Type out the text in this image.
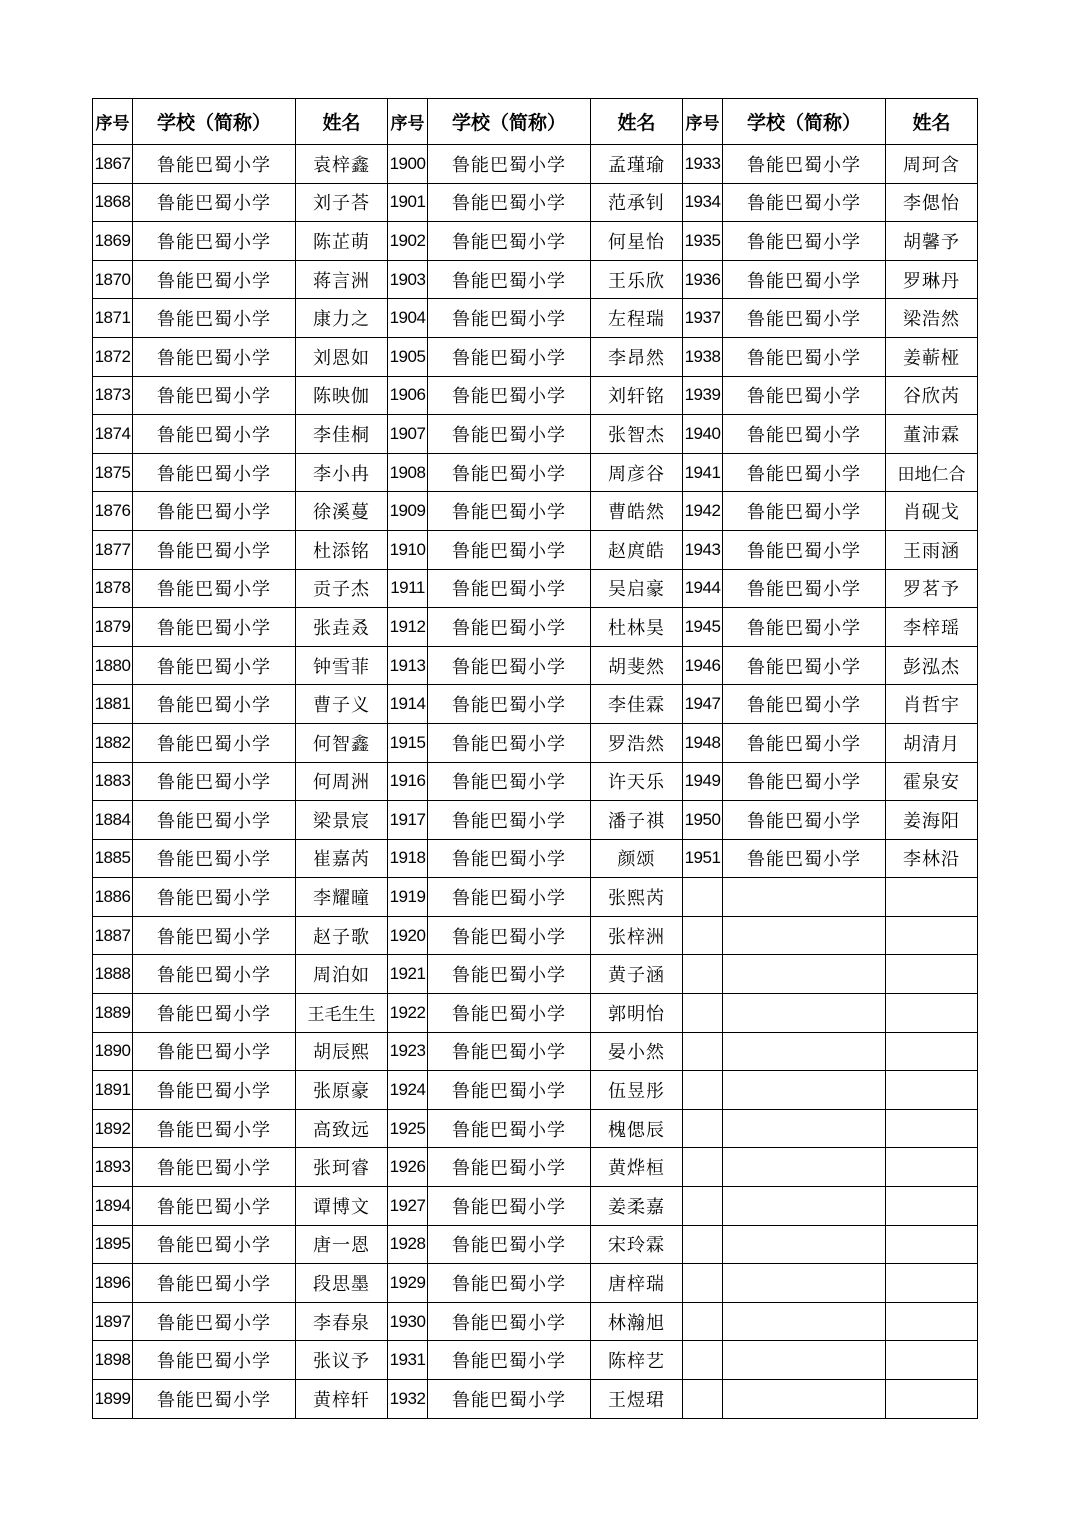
序号	学校（简称）	姓名	序号	学校（简称）	姓名	序号	学校（简称）	姓名
1867	鲁能巴蜀小学	袁梓鑫	1900	鲁能巴蜀小学	孟瑾瑜	1933	鲁能巴蜀小学	周珂含
1868	鲁能巴蜀小学	刘子荅	1901	鲁能巴蜀小学	范承钊	1934	鲁能巴蜀小学	李偲怡
1869	鲁能巴蜀小学	陈芷萌	1902	鲁能巴蜀小学	何星怡	1935	鲁能巴蜀小学	胡馨予
1870	鲁能巴蜀小学	蒋言洲	1903	鲁能巴蜀小学	王乐欣	1936	鲁能巴蜀小学	罗琳丹
1871	鲁能巴蜀小学	康力之	1904	鲁能巴蜀小学	左程瑞	1937	鲁能巴蜀小学	梁浩然
1872	鲁能巴蜀小学	刘恩如	1905	鲁能巴蜀小学	李昂然	1938	鲁能巴蜀小学	姜蕲桠
1873	鲁能巴蜀小学	陈映伽	1906	鲁能巴蜀小学	刘轩铭	1939	鲁能巴蜀小学	谷欣芮
1874	鲁能巴蜀小学	李佳桐	1907	鲁能巴蜀小学	张智杰	1940	鲁能巴蜀小学	董沛霖
1875	鲁能巴蜀小学	李小冉	1908	鲁能巴蜀小学	周彦谷	1941	鲁能巴蜀小学	田地仁合
1876	鲁能巴蜀小学	徐溪蔓	1909	鲁能巴蜀小学	曹皓然	1942	鲁能巴蜀小学	肖砚戈
1877	鲁能巴蜀小学	杜添铭	1910	鲁能巴蜀小学	赵庹皓	1943	鲁能巴蜀小学	王雨涵
1878	鲁能巴蜀小学	贡子杰	1911	鲁能巴蜀小学	吴启豪	1944	鲁能巴蜀小学	罗茗予
1879	鲁能巴蜀小学	张垚叒	1912	鲁能巴蜀小学	杜林昊	1945	鲁能巴蜀小学	李梓瑶
1880	鲁能巴蜀小学	钟雪菲	1913	鲁能巴蜀小学	胡斐然	1946	鲁能巴蜀小学	彭泓杰
1881	鲁能巴蜀小学	曹子义	1914	鲁能巴蜀小学	李佳霖	1947	鲁能巴蜀小学	肖哲宇
1882	鲁能巴蜀小学	何智鑫	1915	鲁能巴蜀小学	罗浩然	1948	鲁能巴蜀小学	胡清月
1883	鲁能巴蜀小学	何周洲	1916	鲁能巴蜀小学	许天乐	1949	鲁能巴蜀小学	霍泉安
1884	鲁能巴蜀小学	梁景宸	1917	鲁能巴蜀小学	潘子祺	1950	鲁能巴蜀小学	姜海阳
1885	鲁能巴蜀小学	崔嘉芮	1918	鲁能巴蜀小学	颜颂	1951	鲁能巴蜀小学	李林沿
1886	鲁能巴蜀小学	李耀曈	1919	鲁能巴蜀小学	张熙芮			
1887	鲁能巴蜀小学	赵子歌	1920	鲁能巴蜀小学	张梓洲			
1888	鲁能巴蜀小学	周泊如	1921	鲁能巴蜀小学	黄子涵			
1889	鲁能巴蜀小学	王毛生生	1922	鲁能巴蜀小学	郭明怡			
1890	鲁能巴蜀小学	胡辰熙	1923	鲁能巴蜀小学	晏小然			
1891	鲁能巴蜀小学	张原豪	1924	鲁能巴蜀小学	伍昱彤			
1892	鲁能巴蜀小学	高致远	1925	鲁能巴蜀小学	槐偲辰			
1893	鲁能巴蜀小学	张珂睿	1926	鲁能巴蜀小学	黄烨桓			
1894	鲁能巴蜀小学	谭博文	1927	鲁能巴蜀小学	姜柔嘉			
1895	鲁能巴蜀小学	唐一恩	1928	鲁能巴蜀小学	宋玲霖			
1896	鲁能巴蜀小学	段思墨	1929	鲁能巴蜀小学	唐梓瑞			
1897	鲁能巴蜀小学	李春泉	1930	鲁能巴蜀小学	林瀚旭			
1898	鲁能巴蜀小学	张议予	1931	鲁能巴蜀小学	陈梓艺			
1899	鲁能巴蜀小学	黄梓轩	1932	鲁能巴蜀小学	王煜珺			
